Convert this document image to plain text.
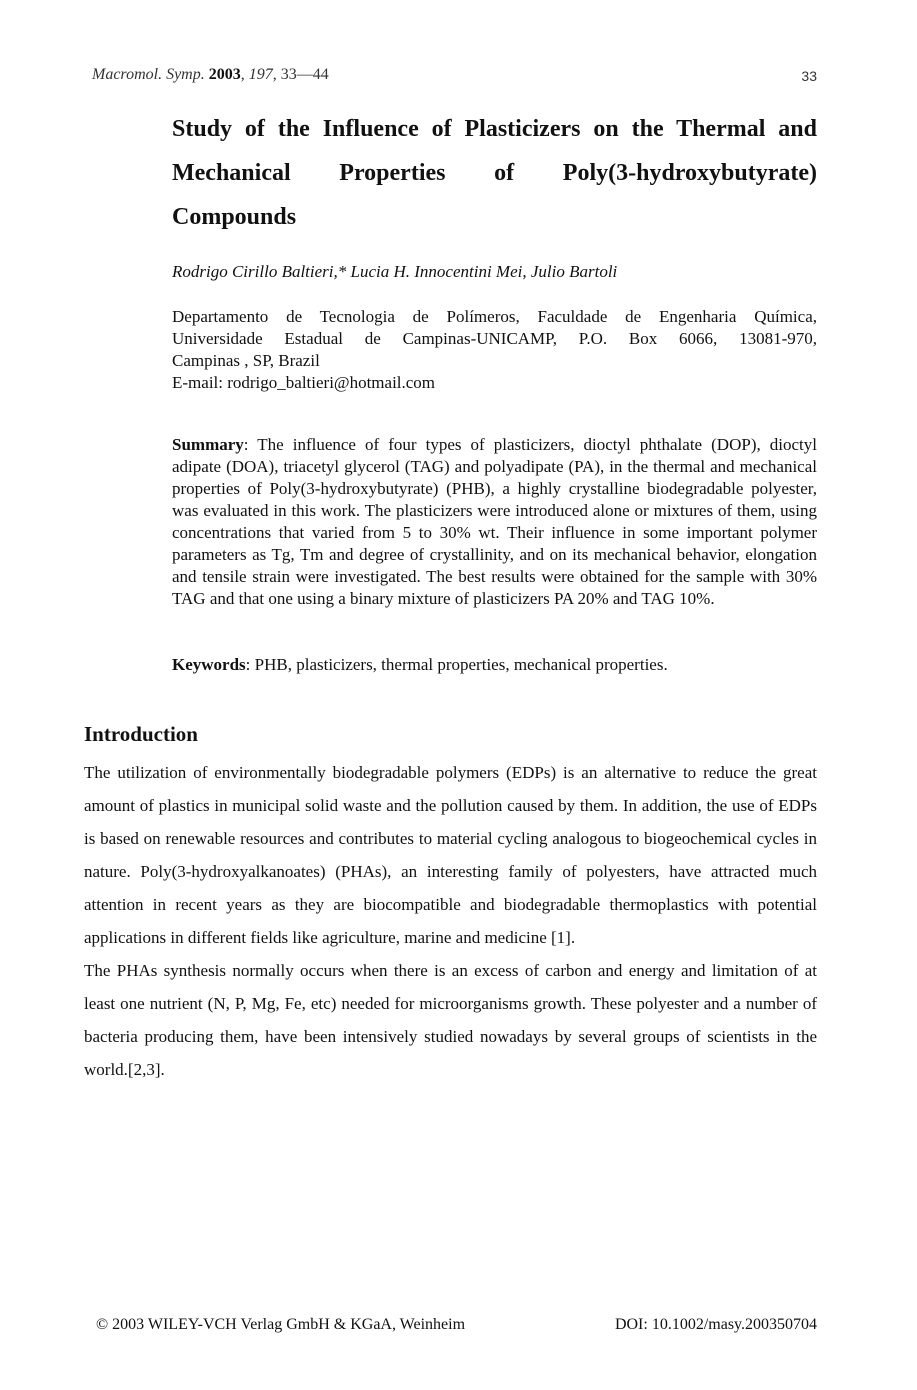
Macromol. Symp. 2003, 197, 33—44	33
Study of the Influence of Plasticizers on the Thermal and
Mechanical Properties of Poly(3-hydroxybutyrate)
Compounds
Rodrigo Cirillo Baltieri,* Lucia H. Innocentini Mei, Julio Bartoli
Departamento de Tecnologia de Polímeros, Faculdade de Engenharia Química,
Universidade Estadual de Campinas-UNICAMP, P.O. Box 6066, 13081-970,
Campinas , SP, Brazil
E-mail: rodrigo_baltieri@hotmail.com

Summary: The influence of four types of plasticizers, dioctyl phthalate (DOP), dioctyl adipate (DOA), triacetyl glycerol (TAG) and polyadipate (PA), in the thermal and mechanical properties of Poly(3-hydroxybutyrate) (PHB), a highly crystalline biodegradable polyester, was evaluated in this work. The plasticizers were introduced alone or mixtures of them, using concentrations that varied from 5 to 30% wt. Their influence in some important polymer parameters as Tg, Tm and degree of crystallinity, and on its mechanical behavior, elongation and tensile strain were investigated. The best results were obtained for the sample with 30% TAG and that one using a binary mixture of plasticizers PA 20% and TAG 10%.

Keywords: PHB, plasticizers, thermal properties, mechanical properties.

Introduction

The utilization of environmentally biodegradable polymers (EDPs) is an alternative to reduce the great amount of plastics in municipal solid waste and the pollution caused by them. In addition, the use of EDPs is based on renewable resources and contributes to material cycling analogous to biogeochemical cycles in nature. Poly(3-hydroxyalkanoates) (PHAs), an interesting family of polyesters, have attracted much attention in recent years as they are biocompatible and biodegradable thermoplastics with potential applications in different fields like agriculture, marine and medicine [1].

The PHAs synthesis normally occurs when there is an excess of carbon and energy and limitation of at least one nutrient (N, P, Mg, Fe, etc) needed for microorganisms growth. These polyester and a number of bacteria producing them, have been intensively studied nowadays by several groups of scientists in the world.[2,3].

© 2003 WILEY-VCH Verlag GmbH & KGaA, Weinheim	DOI: 10.1002/masy.200350704
